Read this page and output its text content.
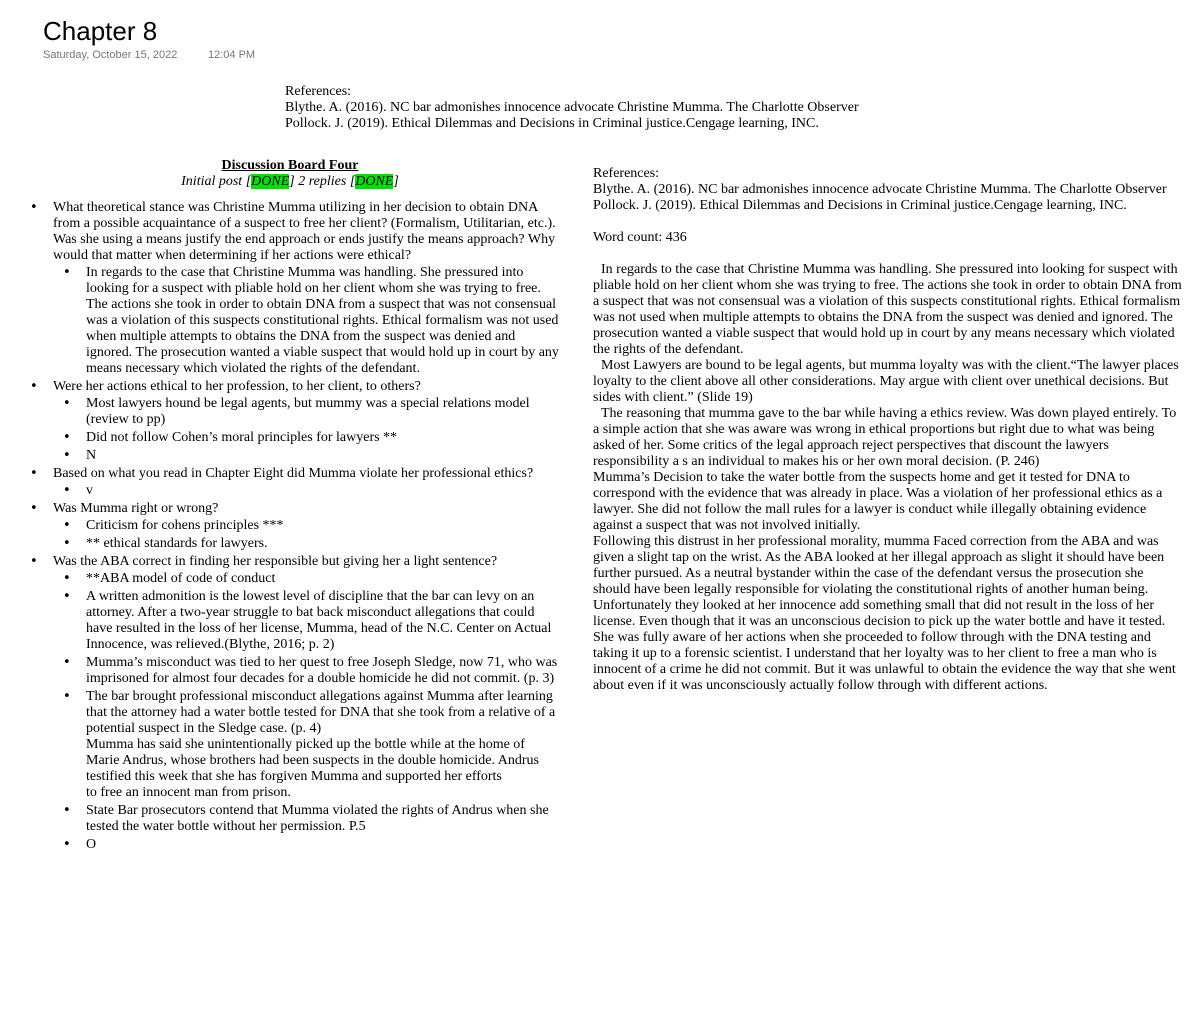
Chapter 8
Saturday, October 15, 2022	12:04 PM
References:
Blythe. A. (2016). NC bar admonishes innocence advocate Christine Mumma. The Charlotte Observer
Pollock. J. (2019). Ethical Dilemmas and Decisions in Criminal justice.Cengage learning, INC.
Discussion Board Four
Initial post [DONE] 2 replies [DONE]
• What theoretical stance was Christine Mumma utilizing in her decision to obtain DNA from a possible acquaintance of a suspect to free her client? (Formalism, Utilitarian, etc.). Was she using a means justify the end approach or ends justify the means approach? Why would that matter when determining if her actions were ethical?
• In regards to the case that Christine Mumma was handling. She pressured into looking for a suspect with pliable hold on her client whom she was trying to free. The actions she took in order to obtain DNA from a suspect that was not consensual was a violation of this suspects constitutional rights. Ethical formalism was not used when multiple attempts to obtains the DNA from the suspect was denied and ignored. The prosecution wanted a viable suspect that would hold up in court by any means necessary which violated the rights of the defendant.
• Were her actions ethical to her profession, to her client, to others?
• Most lawyers hound be legal agents, but mummy was a special relations model (review to pp)
• Did not follow Cohen’s moral principles for lawyers **
• N
• Based on what you read in Chapter Eight did Mumma violate her professional ethics?
• v
• Was Mumma right or wrong?
• Criticism for cohens principles ***
• ** ethical standards for lawyers.
• Was the ABA correct in finding her responsible but giving her a light sentence?
• **ABA model of code of conduct
• A written admonition is the lowest level of discipline that the bar can levy on an attorney. After a two-year struggle to bat back misconduct allegations that could have resulted in the loss of her license, Mumma, head of the N.C. Center on Actual Innocence, was relieved.(Blythe, 2016; p. 2)
• Mumma’s misconduct was tied to her quest to free Joseph Sledge, now 71, who was imprisoned for almost four decades for a double homicide he did not commit. (p. 3)
• The bar brought professional misconduct allegations against Mumma after learning that the attorney had a water bottle tested for DNA that she took from a relative of a potential suspect in the Sledge case. (p. 4)
Mumma has said she unintentionally picked up the bottle while at the home of Marie Andrus, whose brothers had been suspects in the double homicide. Andrus testified this week that she has forgiven Mumma and supported her efforts
to free an innocent man from prison.
• State Bar prosecutors contend that Mumma violated the rights of Andrus when she
tested the water bottle without her permission. P.5
• O

References:

Blythe. A. (2016). NC bar admonishes innocence advocate Christine Mumma. The Charlotte Observer

Pollock. J. (2019). Ethical Dilemmas and Decisions in Criminal justice.Cengage learning, INC.

Word count: 436

In regards to the case that Christine Mumma was handling. She pressured into looking for suspect with pliable hold on her client whom she was trying to free. The actions she took in order to obtain DNA from a suspect that was not consensual was a violation of this suspects constitutional rights. Ethical formalism was not used when multiple attempts to obtains the DNA from the suspect was denied and ignored. The prosecution wanted a viable suspect that would hold up in court by any means necessary which violated the rights of the defendant.

Most Lawyers are bound to be legal agents, but mumma loyalty was with the client.“The lawyer places loyalty to the client above all other considerations. May argue with client over unethical decisions. But sides with client.” (Slide 19)

The reasoning that mumma gave to the bar while having a ethics review. Was down played entirely. To a simple action that she was aware was wrong in ethical proportions but right due to what was being asked of her. Some critics of the legal approach reject perspectives that discount the lawyers responsibility a s an individual to makes his or her own moral decision. (P. 246)

Mumma’s Decision to take the water bottle from the suspects home and get it tested for DNA to correspond with the evidence that was already in place. Was a violation of her professional ethics as a lawyer. She did not follow the mall rules for a lawyer is conduct while illegally obtaining evidence against a suspect that was not involved initially.

Following this distrust in her professional morality, mumma Faced correction from the ABA and was given a slight tap on the wrist. As the ABA looked at her illegal approach as slight it should have been further pursued. As a neutral bystander within the case of the defendant versus the prosecution she should have been legally responsible for violating the constitutional rights of another human being. Unfortunately they looked at her innocence add something small that did not result in the loss of her license. Even though that it was an unconscious decision to pick up the water bottle and have it tested. She was fully aware of her actions when she proceeded to follow through with the DNA testing and taking it up to a forensic scientist. I understand that her loyalty was to her client to free a man who is innocent of a crime he did not commit. But it was unlawful to obtain the evidence the way that she went about even if it was unconsciously actually follow through with different actions.
